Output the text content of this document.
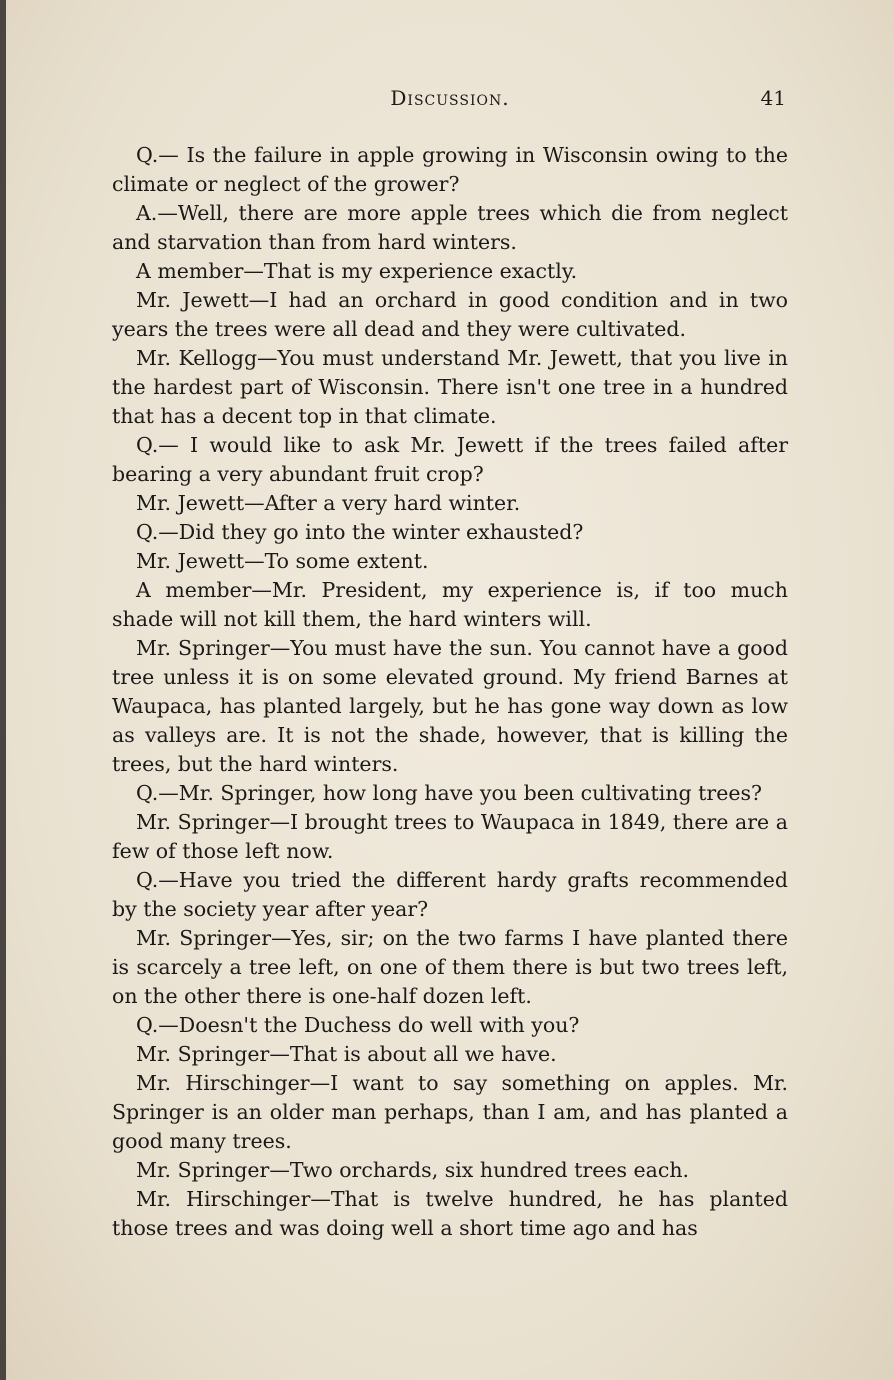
Discussion.	41

Q.— Is the failure in apple growing in Wisconsin owing to the climate or neglect of the grower?

A.—Well, there are more apple trees which die from neglect and starvation than from hard winters.

A member—That is my experience exactly.

Mr. Jewett—I had an orchard in good condition and in two years the trees were all dead and they were cultivated.

Mr. Kellogg—You must understand Mr. Jewett, that you live in the hardest part of Wisconsin. There isn't one tree in a hundred that has a decent top in that climate.

Q.— I would like to ask Mr. Jewett if the trees failed after bearing a very abundant fruit crop?

Mr. Jewett—After a very hard winter.

Q.—Did they go into the winter exhausted?

Mr. Jewett—To some extent.

A member—Mr. President, my experience is, if too much shade will not kill them, the hard winters will.

Mr. Springer—You must have the sun. You cannot have a good tree unless it is on some elevated ground. My friend Barnes at Waupaca, has planted largely, but he has gone way down as low as valleys are. It is not the shade, however, that is killing the trees, but the hard winters.

Q.—Mr. Springer, how long have you been cultivating trees?

Mr. Springer—I brought trees to Waupaca in 1849, there are a few of those left now.

Q.—Have you tried the different hardy grafts recommended by the society year after year?

Mr. Springer—Yes, sir; on the two farms I have planted there is scarcely a tree left, on one of them there is but two trees left, on the other there is one-half dozen left.

Q.—Doesn't the Duchess do well with you?

Mr. Springer—That is about all we have.

Mr. Hirschinger—I want to say something on apples. Mr. Springer is an older man perhaps, than I am, and has planted a good many trees.

Mr. Springer—Two orchards, six hundred trees each.

Mr. Hirschinger—That is twelve hundred, he has planted those trees and was doing well a short time ago and has
